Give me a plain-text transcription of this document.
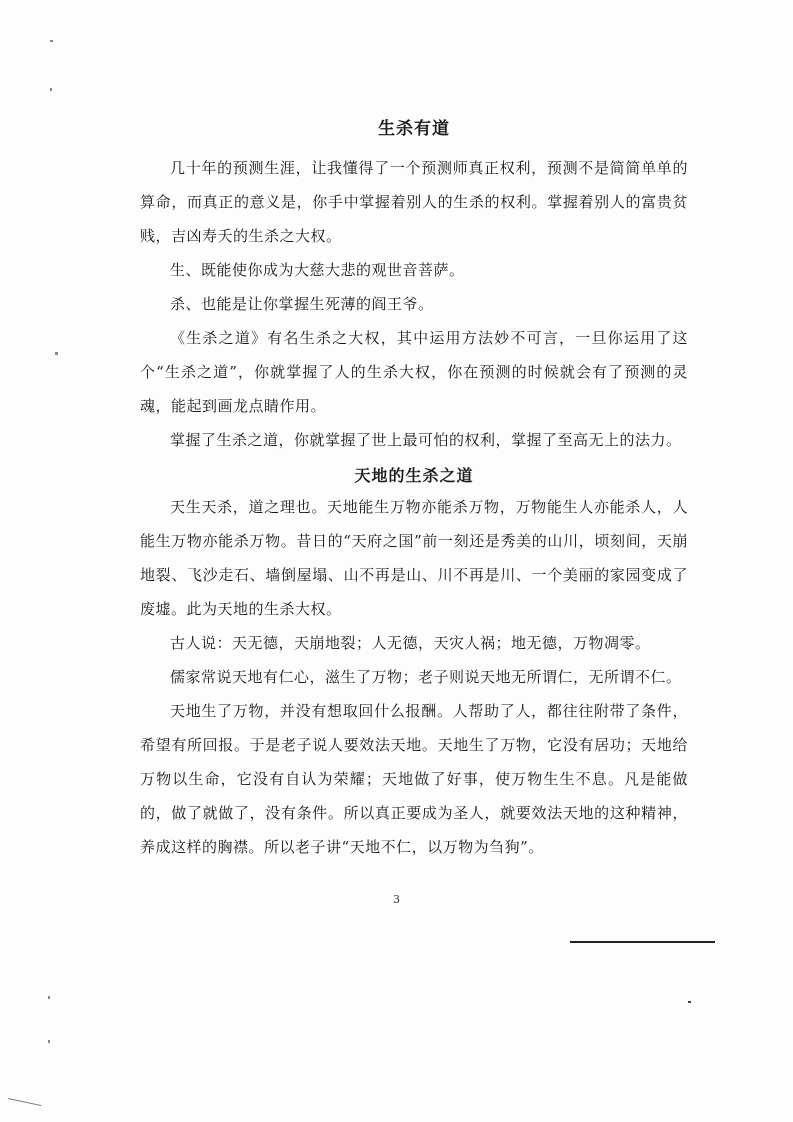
生杀有道

几十年的预测生涯，让我懂得了一个预测师真正权利，预测不是简简单单的算命，而真正的意义是，你手中掌握着别人的生杀的权利。掌握着别人的富贵贫贱，吉凶寿夭的生杀之大权。

生、既能使你成为大慈大悲的观世音菩萨。

杀、也能是让你掌握生死薄的阎王爷。

《生杀之道》有名生杀之大权，其中运用方法妙不可言，一旦你运用了这个“生杀之道”，你就掌握了人的生杀大权，你在预测的时候就会有了预测的灵魂，能起到画龙点睛作用。

掌握了生杀之道，你就掌握了世上最可怕的权利，掌握了至高无上的法力。

天地的生杀之道

天生天杀，道之理也。天地能生万物亦能杀万物，万物能生人亦能杀人，人能生万物亦能杀万物。昔日的“天府之国”前一刻还是秀美的山川，顷刻间，天崩地裂、飞沙走石、墙倒屋塌、山不再是山、川不再是川、一个美丽的家园变成了废墟。此为天地的生杀大权。

古人说：天无德，天崩地裂；人无德，天灾人祸；地无德，万物凋零。

儒家常说天地有仁心，滋生了万物；老子则说天地无所谓仁，无所谓不仁。

天地生了万物，并没有想取回什么报酬。人帮助了人，都往往附带了条件，希望有所回报。于是老子说人要效法天地。天地生了万物，它没有居功；天地给万物以生命，它没有自认为荣耀；天地做了好事，使万物生生不息。凡是能做的，做了就做了，没有条件。所以真正要成为圣人，就要效法天地的这种精神，养成这样的胸襟。所以老子讲“天地不仁，以万物为刍狗”。

3
